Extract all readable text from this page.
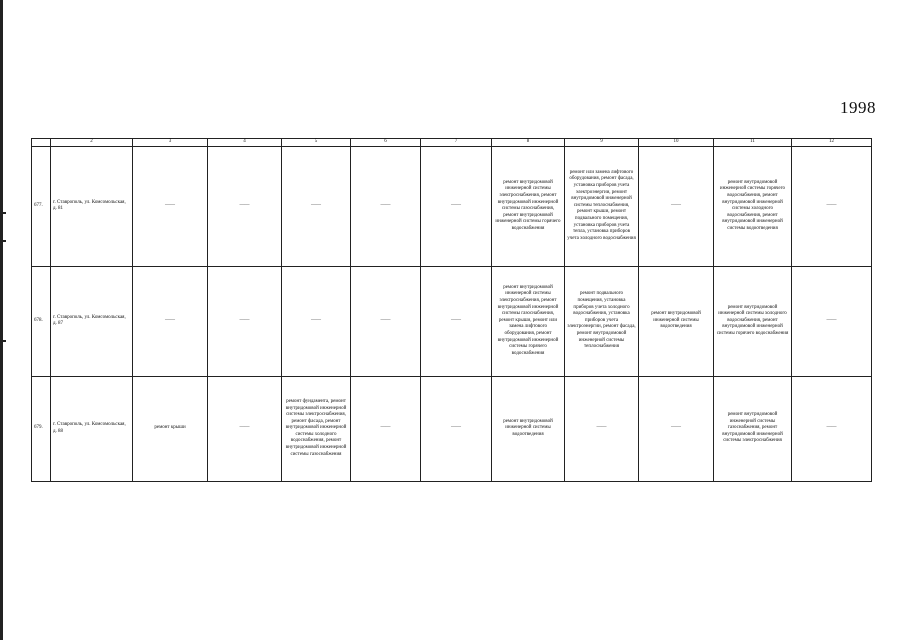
1998
	2	3	4	5	6	7	8	9	10	11	12
677.	г. Ставрополь, ул. Комсомольская, д. 81	——	——	——	——	——	ремонт внутридомовой инженерной системы электроснабжения, ремонт внутридомовой инженерной системы газоснабжения, ремонт внутридомовой инженерной системы горячего водоснабжения	ремонт или замена лифтового оборудования, ремонт фасада, установка приборов учета электроэнергии, ремонт внутридомовой инженерной системы теплоснабжения, ремонт крыши, ремонт подвального помещения, установка приборов учета тепла, установка приборов учета холодного водоснабжения	——	ремонт внутридомовой инженерной системы горячего водоснабжения, ремонт внутридомовой инженерной системы холодного водоснабжения, ремонт внутридомовой инженерной системы водоотведения	——
678.	г. Ставрополь, ул. Комсомольская, д. 87	——	——	——	——	——	ремонт внутридомовой инженерной системы электроснабжения, ремонт внутридомовой инженерной системы газоснабжения, ремонт крыши, ремонт или замена лифтового оборудования, ремонт внутридомовой инженерной системы горячего водоснабжения	ремонт подвального помещения, установка приборов учета холодного водоснабжения, установка приборов учета электроэнергии, ремонт фасада, ремонт внутридомовой инженерной системы теплоснабжения	ремонт внутридомовой инженерной системы водоотведения	ремонт внутридомовой инженерной системы холодного водоснабжения, ремонт внутридомовой инженерной системы горячего водоснабжения	——
679.	г. Ставрополь, ул. Комсомольская, д. 88	ремонт крыши	——	ремонт фундамента, ремонт внутридомовой инженерной системы электроснабжения, ремонт фасада, ремонт внутридомовой инженерной системы холодного водоснабжения, ремонт внутридомовой инженерной системы газоснабжения	——	——	ремонт внутридомовой инженерной системы водоотведения	——	——	ремонт внутридомовой инженерной системы газоснабжения, ремонт внутридомовой инженерной системы электроснабжения	——
